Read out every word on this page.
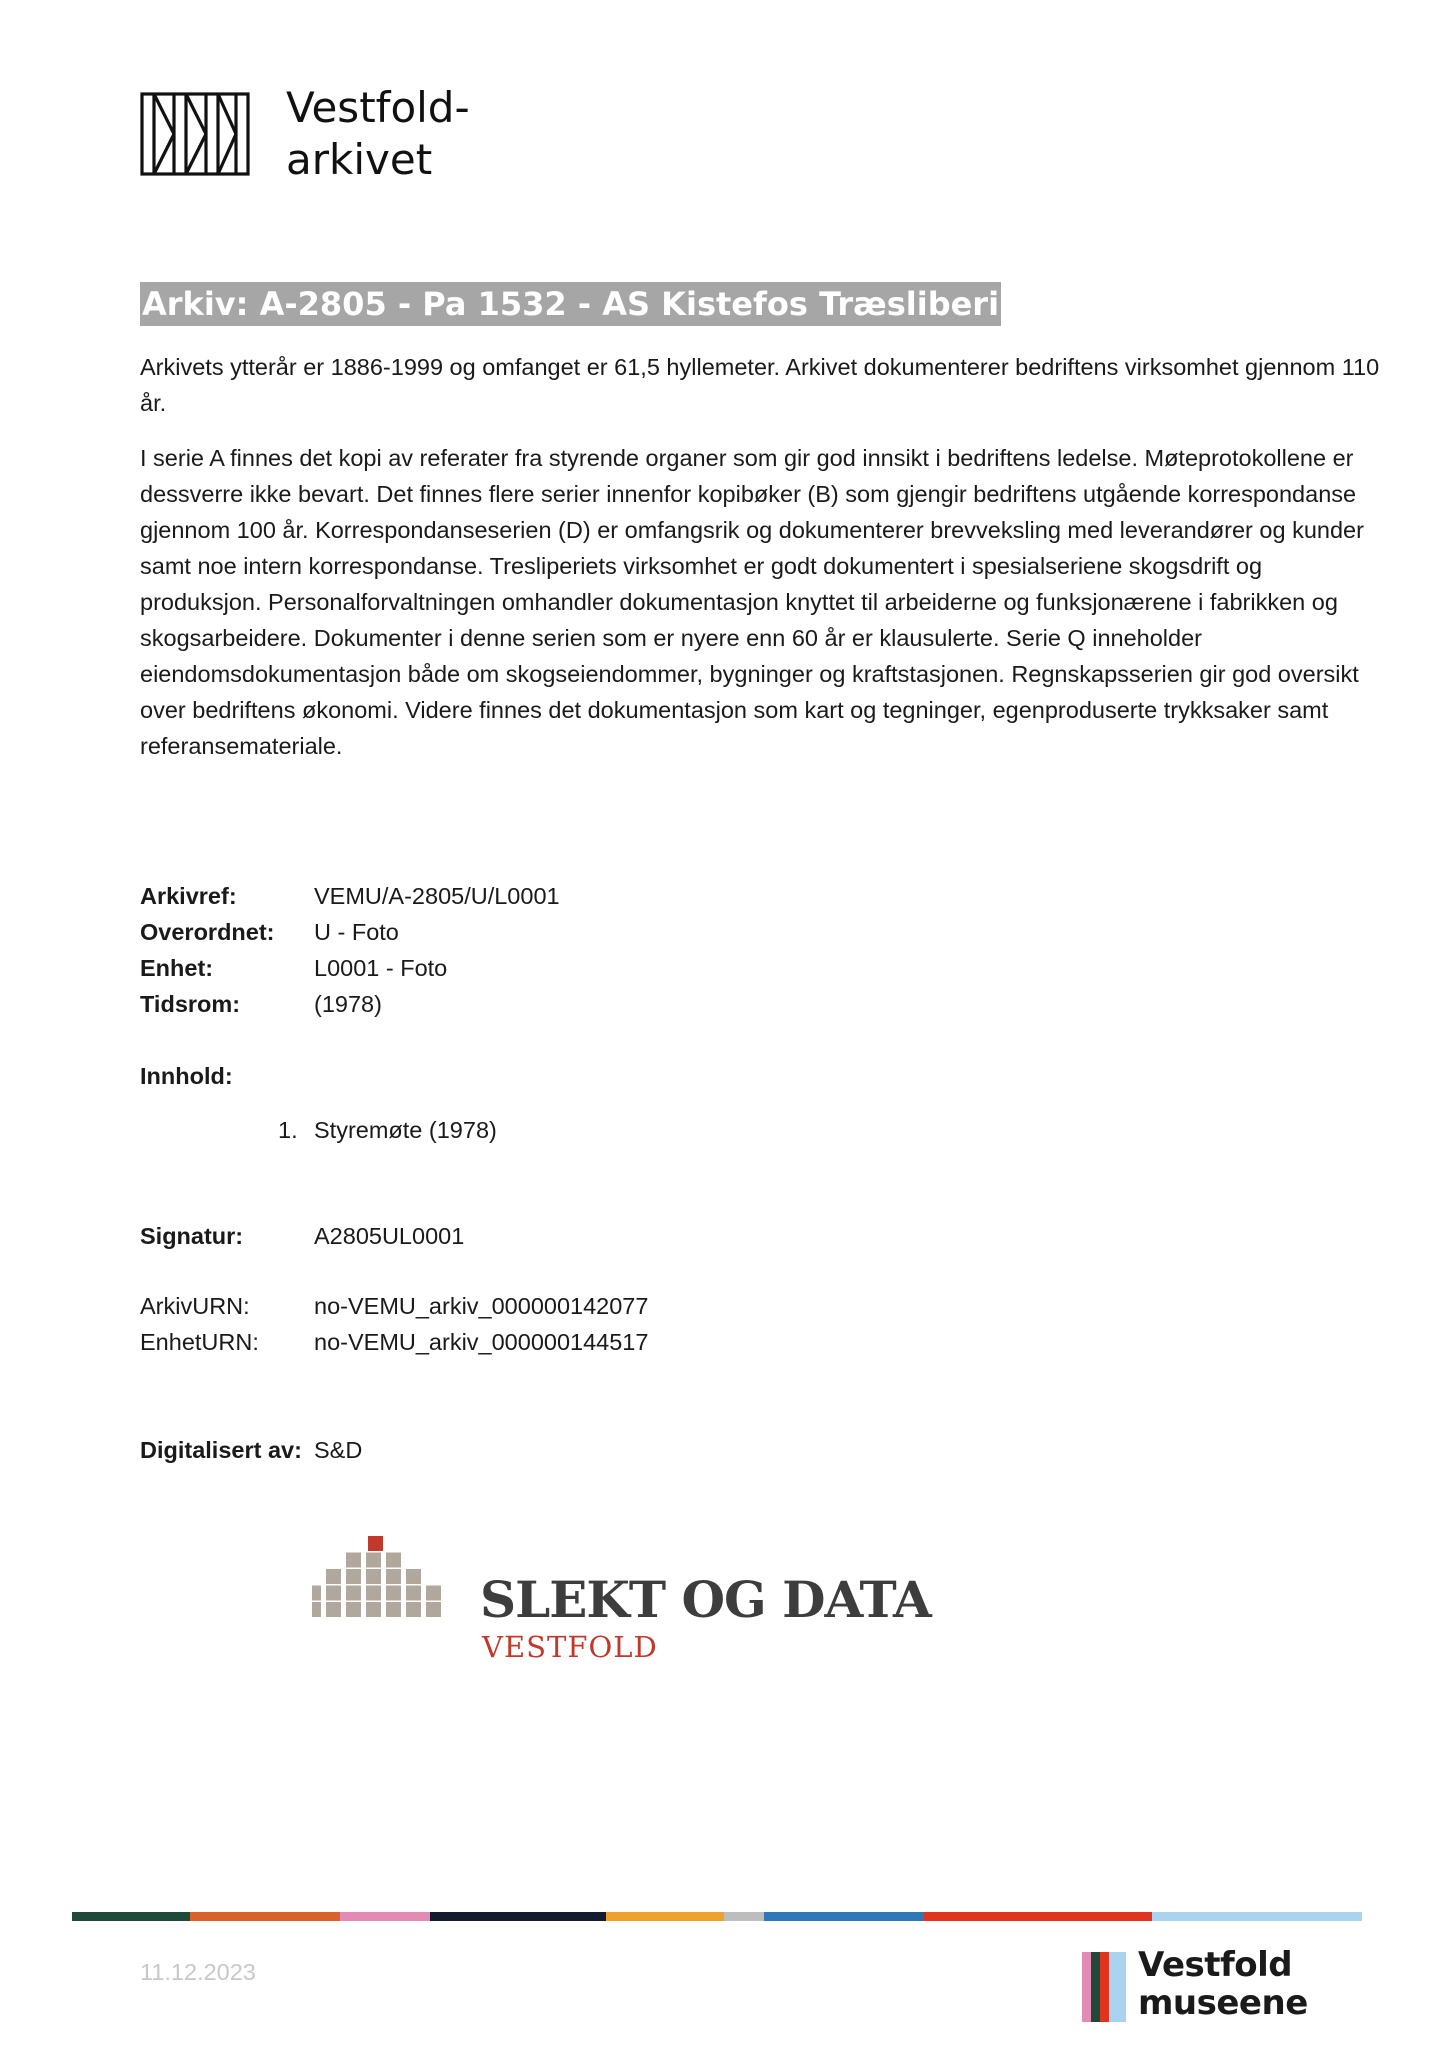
Vestfold-
arkivet
Arkiv: A-2805 - Pa 1532 - AS Kistefos Træsliberi
Arkivets ytterår er 1886-1999 og omfanget er 61,5 hyllemeter. Arkivet dokumenterer bedriftens virksomhet gjennom 110 år.
I serie A finnes det kopi av referater fra styrende organer som gir god innsikt i bedriftens ledelse. Møteprotokollene er dessverre ikke bevart. Det finnes flere serier innenfor kopibøker (B) som gjengir bedriftens utgående korrespondanse gjennom 100 år. Korrespondanseserien (D) er omfangsrik og dokumenterer brevveksling med leverandører og kunder samt noe intern korrespondanse. Tresliperiets virksomhet er godt dokumentert i spesialseriene skogsdrift og produksjon. Personalforvaltningen omhandler dokumentasjon knyttet til arbeiderne og funksjonærene i fabrikken og skogsarbeidere. Dokumenter i denne serien som er nyere enn 60 år er klausulerte. Serie Q inneholder eiendomsdokumentasjon både om skogseiendommer, bygninger og kraftstasjonen. Regnskapsserien gir god oversikt over bedriftens økonomi. Videre finnes det dokumentasjon som kart og tegninger, egenproduserte trykksaker samt referansemateriale.
Arkivref:	VEMU/A-2805/U/L0001
Overordnet: U - Foto
Enhet:	L0001 - Foto
Tidsrom:	(1978)
Innhold:
1. Styremøte (1978)
Signatur:	A2805UL0001
ArkivURN:	no-VEMU_arkiv_000000142077
EnhetURN: no-VEMU_arkiv_000000144517
Digitalisert av: S&D
SLEKT OG DATA
VESTFOLD
11.12.2023	Vestfold
museene
